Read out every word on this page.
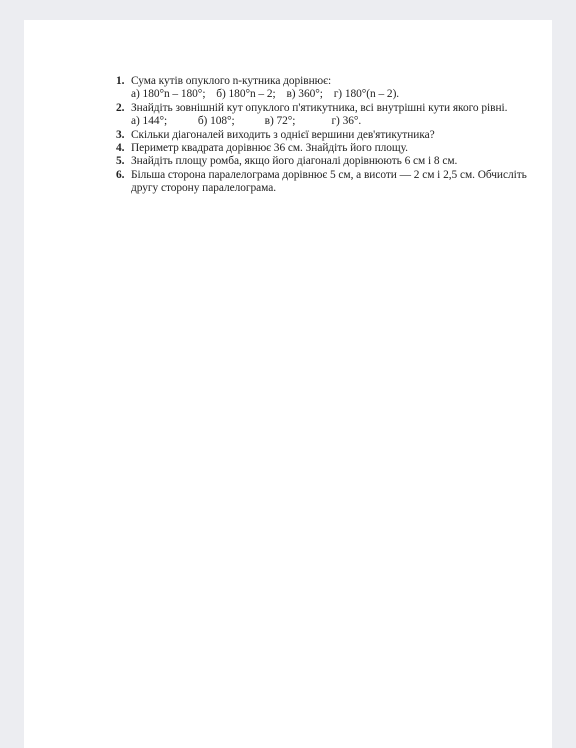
1. Сума кутів опуклого n-кутника дорівнює:
а) 180°n – 180°; б) 180°n – 2; в) 360°; г) 180°(n – 2).
2. Знайдіть зовнішній кут опуклого п'ятикутника, всі внутрішні кути якого рівні.
а) 144°;	б) 108°;	в) 72°;	г) 36°.
3. Скільки діагоналей виходить з однієї вершини дев'ятикутника?
4. Периметр квадрата дорівнює 36 см. Знайдіть його площу.
5. Знайдіть площу ромба, якщо його діагоналі дорівнюють 6 см і 8 см.
6. Більша сторона паралелограма дорівнює 5 см, а висоти — 2 см і 2,5 см. Обчисліть другу сторону паралелограма.
